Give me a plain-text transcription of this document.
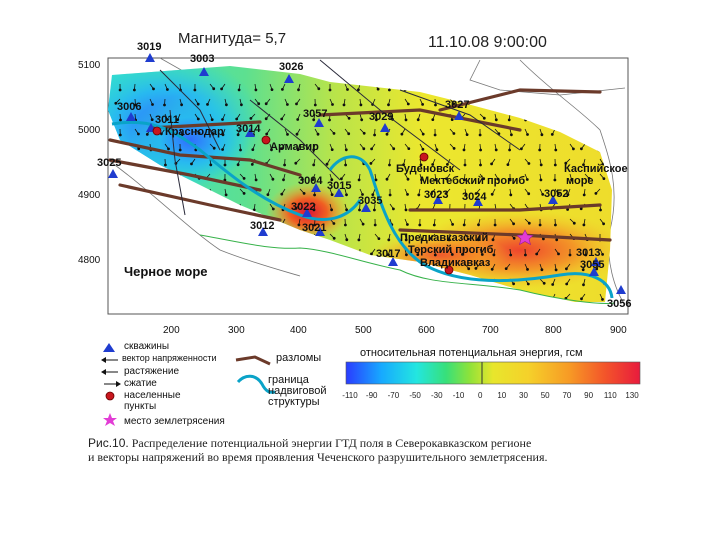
3019
3003
3026
3006
3011
3014
3057	3029
3027
3025
3004 3015
3022	3035	3023 3024	3052
3012	3021
3017	3013
3055
3056
Краснодар
Армавир
Буденовск
Мектебский прогиб
Предкавказский
Терский прогиб
Владикавказ
Каспийское
море
Черное море
5100
5000
4900
4800
200	300	400	500	600	700	800	900
-110 -90 -70 -50 -30 -10 0 10 30 50 70 90 110 130
Магнитуда= 5,7	11.10.08 9:00:00
скважины
вектор напряженности
растяжение
сжатие
населенные
пункты
место землетрясения
разломы
граница
надвиговой
структуры
относительная потенциальная энергия, гсм
Рис.10. Распределение потенциальной энергии ГТД поля в Северокавказском регионе
и векторы напряжений во время проявления Чеченского разрушительного землетрясения.
